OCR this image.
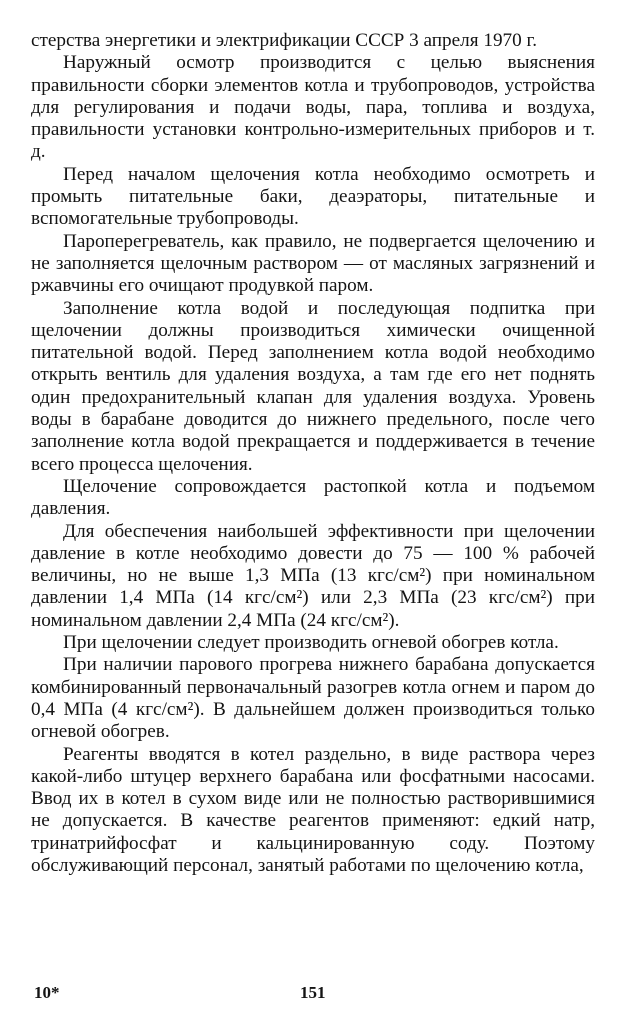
стерства энергетики и электрификации СССР 3 апреля 1970 г.

Наружный осмотр производится с целью выяснения правильности сборки элементов котла и трубопроводов, устройства для регулирования и подачи воды, пара, топлива и воздуха, правильности установки контрольно-измерительных приборов и т. д.

Перед началом щелочения котла необходимо осмотреть и промыть питательные баки, деаэраторы, питательные и вспомогательные трубопроводы.

Пароперегреватель, как правило, не подвергается щелочению и не заполняется щелочным раствором — от масляных загрязнений и ржавчины его очищают продувкой паром.

Заполнение котла водой и последующая подпитка при щелочении должны производиться химически очищенной питательной водой. Перед заполнением котла водой необходимо открыть вентиль для удаления воздуха, а там где его нет поднять один предохранительный клапан для удаления воздуха. Уровень воды в барабане доводится до нижнего предельного, после чего заполнение котла водой прекращается и поддерживается в течение всего процесса щелочения.

Щелочение сопровождается растопкой котла и подъемом давления.

Для обеспечения наибольшей эффективности при щелочении давление в котле необходимо довести до 75 — 100 % рабочей величины, но не выше 1,3 МПа (13 кгс/см²) при номинальном давлении 1,4 МПа (14 кгс/см²) или 2,3 МПа (23 кгс/см²) при номинальном давлении 2,4 МПа (24 кгс/см²).

При щелочении следует производить огневой обогрев котла.

При наличии парового прогрева нижнего барабана допускается комбинированный первоначальный разогрев котла огнем и паром до 0,4 МПа (4 кгс/см²). В дальнейшем должен производиться только огневой обогрев.

Реагенты вводятся в котел раздельно, в виде раствора через какой-либо штуцер верхнего барабана или фосфатными насосами. Ввод их в котел в сухом виде или не полностью растворившимися не допускается. В качестве реагентов применяют: едкий натр, тринатрийфосфат и кальцинированную соду. Поэтому обслуживающий персонал, занятый работами по щелочению котла,

10*	151
